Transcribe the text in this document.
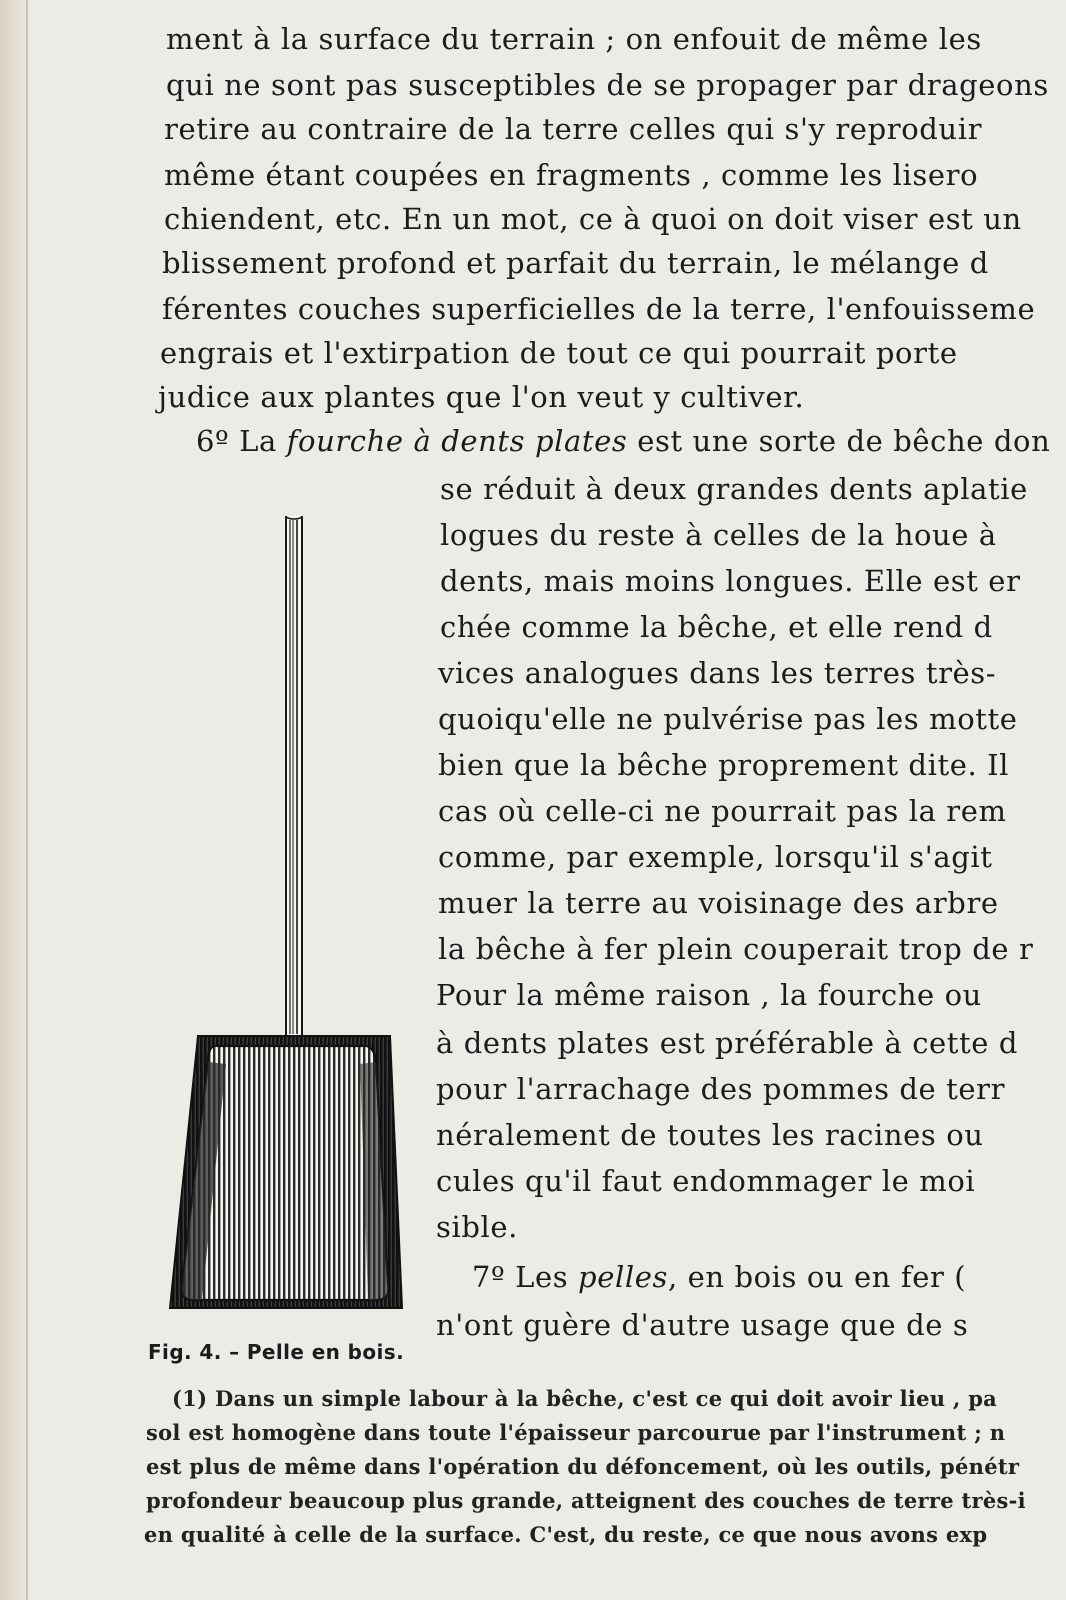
ment à la surface du terrain ; on enfouit de même les
qui ne sont pas susceptibles de se propager par drageons
retire au contraire de la terre celles qui s'y reproduir
même étant coupées en fragments , comme les lisero
chiendent, etc. En un mot, ce à quoi on doit viser est un
blissement profond et parfait du terrain, le mélange d
férentes couches superficielles de la terre, l'enfouisseme
engrais et l'extirpation de tout ce qui pourrait porte
judice aux plantes que l'on veut y cultiver.
6º La fourche à dents plates est une sorte de bêche don
se réduit à deux grandes dents aplatie
logues du reste à celles de la houe à
dents, mais moins longues. Elle est er
chée comme la bêche, et elle rend d
vices analogues dans les terres très-
quoiqu'elle ne pulvérise pas les motte
bien que la bêche proprement dite. Il
cas où celle-ci ne pourrait pas la rem
comme, par exemple, lorsqu'il s'agit
muer la terre au voisinage des arbre
la bêche à fer plein couperait trop de r
Pour la même raison , la fourche ou
à dents plates est préférable à cette d
pour l'arrachage des pommes de terr
néralement de toutes les racines ou
cules qu'il faut endommager le moi
sible.
7º Les pelles, en bois ou en fer (
n'ont guère d'autre usage que de s
Fig. 4. – Pelle en bois.
(1) Dans un simple labour à la bêche, c'est ce qui doit avoir lieu , pa
sol est homogène dans toute l'épaisseur parcourue par l'instrument ; n
est plus de même dans l'opération du défoncement, où les outils, pénétr
profondeur beaucoup plus grande, atteignent des couches de terre très-i
en qualité à celle de la surface. C'est, du reste, ce que nous avons exp
